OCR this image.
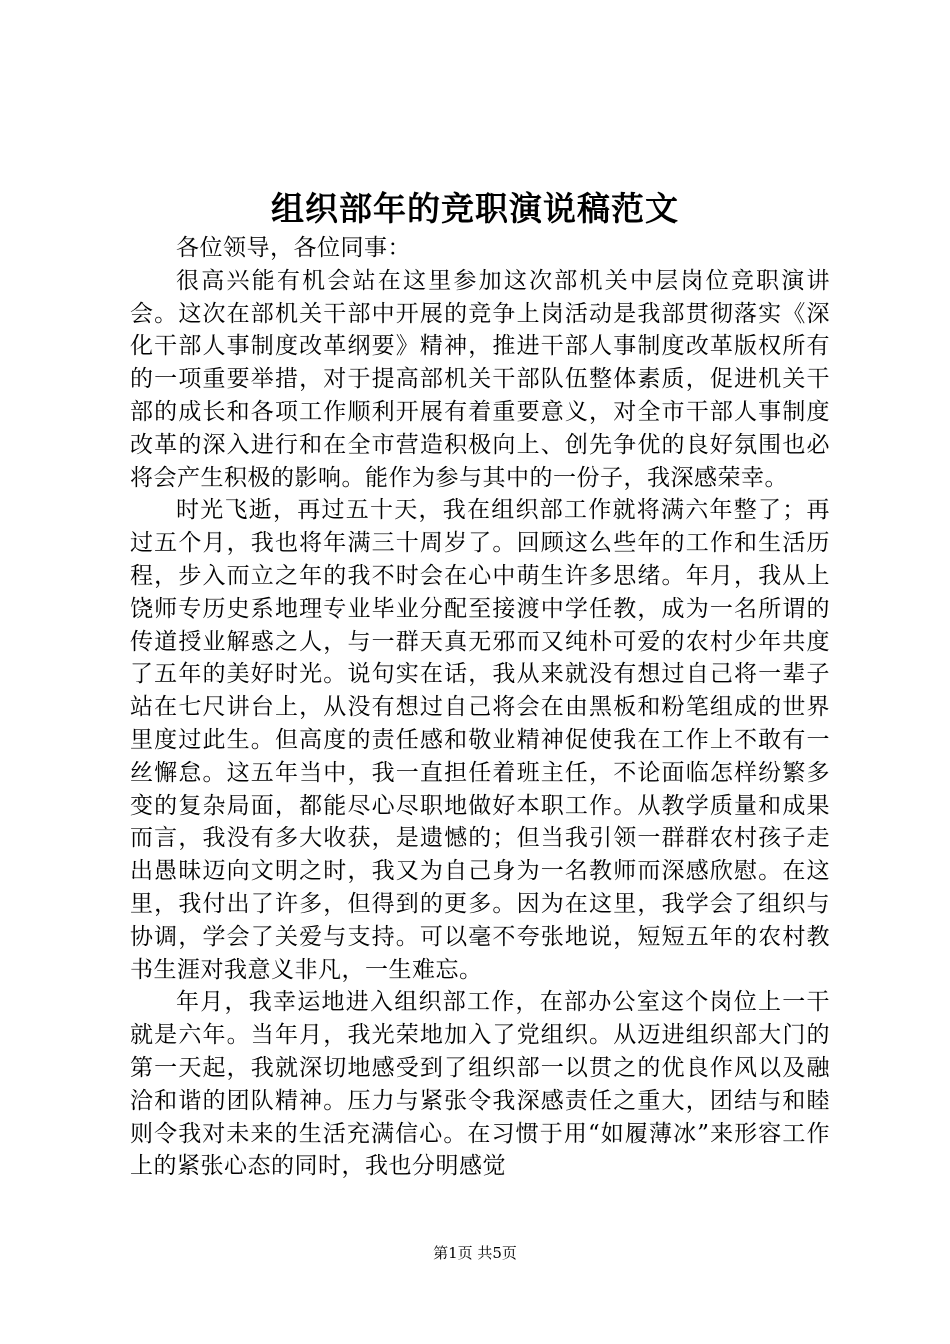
组织部年的竞职演说稿范文

各位领导，各位同事：

很高兴能有机会站在这里参加这次部机关中层岗位竞职演讲会。这次在部机关干部中开展的竞争上岗活动是我部贯彻落实《深化干部人事制度改革纲要》精神，推进干部人事制度改革版权所有的一项重要举措，对于提高部机关干部队伍整体素质，促进机关干部的成长和各项工作顺利开展有着重要意义，对全市干部人事制度改革的深入进行和在全市营造积极向上、创先争优的良好氛围也必将会产生积极的影响。能作为参与其中的一份子，我深感荣幸。

时光飞逝，再过五十天，我在组织部工作就将满六年整了；再过五个月，我也将年满三十周岁了。回顾这么些年的工作和生活历程，步入而立之年的我不时会在心中萌生许多思绪。年月，我从上饶师专历史系地理专业毕业分配至接渡中学任教，成为一名所谓的传道授业解惑之人，与一群天真无邪而又纯朴可爱的农村少年共度了五年的美好时光。说句实在话，我从来就没有想过自己将一辈子站在七尺讲台上，从没有想过自己将会在由黑板和粉笔组成的世界里度过此生。但高度的责任感和敬业精神促使我在工作上不敢有一丝懈怠。这五年当中，我一直担任着班主任，不论面临怎样纷繁多变的复杂局面，都能尽心尽职地做好本职工作。从教学质量和成果而言，我没有多大收获，是遗憾的；但当我引领一群群农村孩子走出愚昧迈向文明之时，我又为自己身为一名教师而深感欣慰。在这里，我付出了许多，但得到的更多。因为在这里，我学会了组织与协调，学会了关爱与支持。可以毫不夸张地说，短短五年的农村教书生涯对我意义非凡，一生难忘。

年月，我幸运地进入组织部工作，在部办公室这个岗位上一干就是六年。当年月，我光荣地加入了党组织。从迈进组织部大门的第一天起，我就深切地感受到了组织部一以贯之的优良作风以及融洽和谐的团队精神。压力与紧张令我深感责任之重大，团结与和睦则令我对未来的生活充满信心。在习惯于用“如履薄冰”来形容工作上的紧张心态的同时，我也分明感觉

第1页 共5页
